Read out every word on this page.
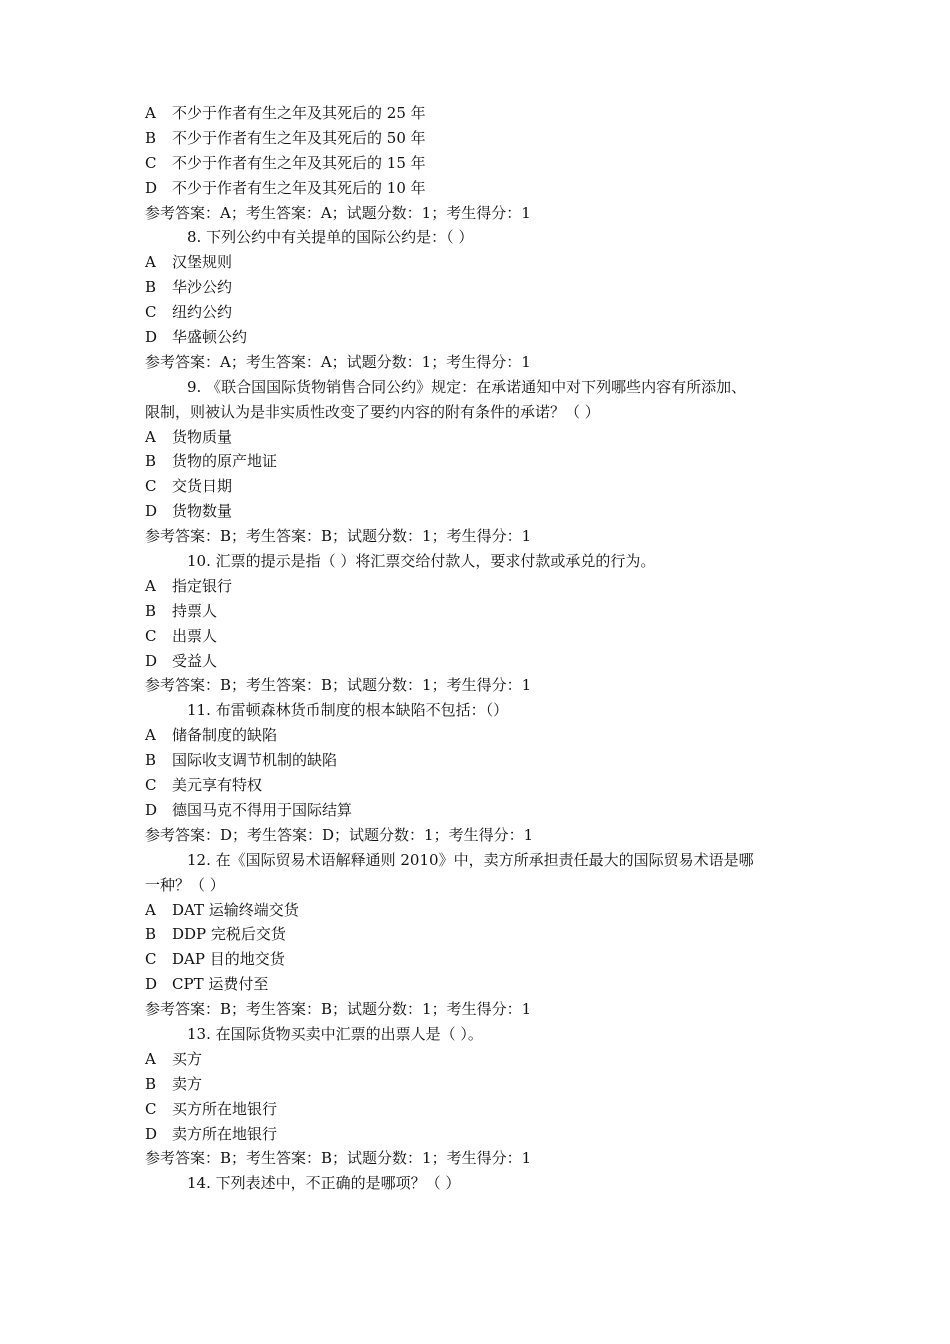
A 不少于作者有生之年及其死后的 25 年
B 不少于作者有生之年及其死后的 50 年
C 不少于作者有生之年及其死后的 15 年
D 不少于作者有生之年及其死后的 10 年
参考答案：A；考生答案：A；试题分数：1；考生得分：1
8. 下列公约中有关提单的国际公约是：（ ）
A 汉堡规则
B 华沙公约
C 纽约公约
D 华盛顿公约
参考答案：A；考生答案：A；试题分数：1；考生得分：1
9. 《联合国国际货物销售合同公约》规定：在承诺通知中对下列哪些内容有所添加、
限制，则被认为是非实质性改变了要约内容的附有条件的承诺？（ ）
A 货物质量
B 货物的原产地证
C 交货日期
D 货物数量
参考答案：B；考生答案：B；试题分数：1；考生得分：1
10. 汇票的提示是指（ ）将汇票交给付款人，要求付款或承兑的行为。
A 指定银行
B 持票人
C 出票人
D 受益人
参考答案：B；考生答案：B；试题分数：1；考生得分：1
11. 布雷顿森林货币制度的根本缺陷不包括：（）
A 储备制度的缺陷
B 国际收支调节机制的缺陷
C 美元享有特权
D 德国马克不得用于国际结算
参考答案：D；考生答案：D；试题分数：1；考生得分：1
12. 在《国际贸易术语解释通则 2010》中，卖方所承担责任最大的国际贸易术语是哪
一种？（ ）
A DAT 运输终端交货
B DDP 完税后交货
C DAP 目的地交货
D CPT 运费付至
参考答案：B；考生答案：B；试题分数：1；考生得分：1
13. 在国际货物买卖中汇票的出票人是（ ）。
A 买方
B 卖方
C 买方所在地银行
D 卖方所在地银行
参考答案：B；考生答案：B；试题分数：1；考生得分：1
14. 下列表述中，不正确的是哪项？（ ）
